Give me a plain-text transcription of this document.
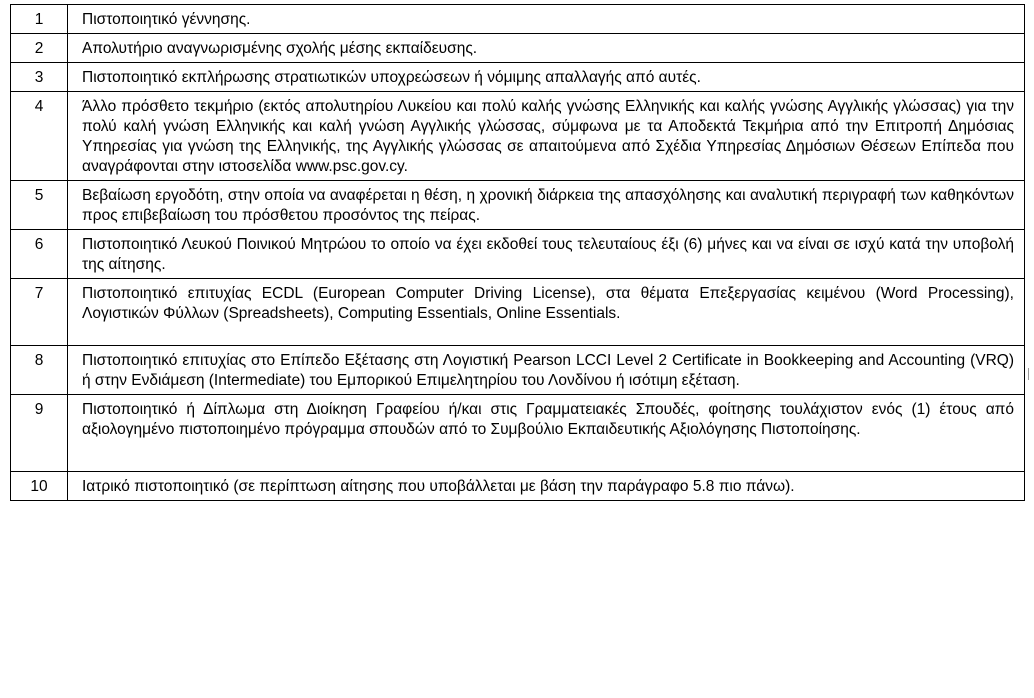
1	Πιστοποιητικό γέννησης.
2	Απολυτήριο αναγνωρισμένης σχολής μέσης εκπαίδευσης.
3	Πιστοποιητικό εκπλήρωσης στρατιωτικών υποχρεώσεων ή νόμιμης απαλλαγής από αυτές.
4	Άλλο πρόσθετο τεκμήριο (εκτός απολυτηρίου Λυκείου και πολύ καλής γνώσης Ελληνικής και καλής γνώσης Αγγλικής γλώσσας) για την πολύ καλή γνώση Ελληνικής και καλή γνώση Αγγλικής γλώσσας, σύμφωνα με τα Αποδεκτά Τεκμήρια από την Επιτροπή Δημόσιας Υπηρεσίας για γνώση της Ελληνικής, της Αγγλικής γλώσσας σε απαιτούμενα από Σχέδια Υπηρεσίας Δημόσιων Θέσεων Επίπεδα που αναγράφονται στην ιστοσελίδα www.psc.gov.cy.
5	Βεβαίωση εργοδότη, στην οποία να αναφέρεται η θέση, η χρονική διάρκεια της απασχόλησης και αναλυτική περιγραφή των καθηκόντων προς επιβεβαίωση του πρόσθετου προσόντος της πείρας.
6	Πιστοποιητικό Λευκού Ποινικού Μητρώου το οποίο να έχει εκδοθεί τους τελευταίους έξι (6) μήνες και να είναι σε ισχύ κατά την υποβολή της αίτησης.
7	Πιστοποιητικό επιτυχίας ECDL (European Computer Driving License), στα θέματα Επεξεργασίας κειμένου (Word Processing), Λογιστικών Φύλλων (Spreadsheets), Computing Essentials, Online Essentials.

8	Πιστοποιητικό επιτυχίας στο Επίπεδο Εξέτασης στη Λογιστική Pearson LCCI Level 2 Certificate in Bookkeeping and Accounting (VRQ) ή στην Ενδιάμεση (Intermediate) του Εμπορικού Επιμελητηρίου του Λονδίνου ή ισότιμη εξέταση.
9	Πιστοποιητικό ή Δίπλωμα στη Διοίκηση Γραφείου ή/και στις Γραμματειακές Σπουδές, φοίτησης τουλάχιστον ενός (1) έτους από αξιολογημένο πιστοποιημένο πρόγραμμα σπουδών από το Συμβούλιο Εκπαιδευτικής Αξιολόγησης Πιστοποίησης.

10	Ιατρικό πιστοποιητικό (σε περίπτωση αίτησης που υποβάλλεται με βάση την παράγραφο 5.8 πιο πάνω).
